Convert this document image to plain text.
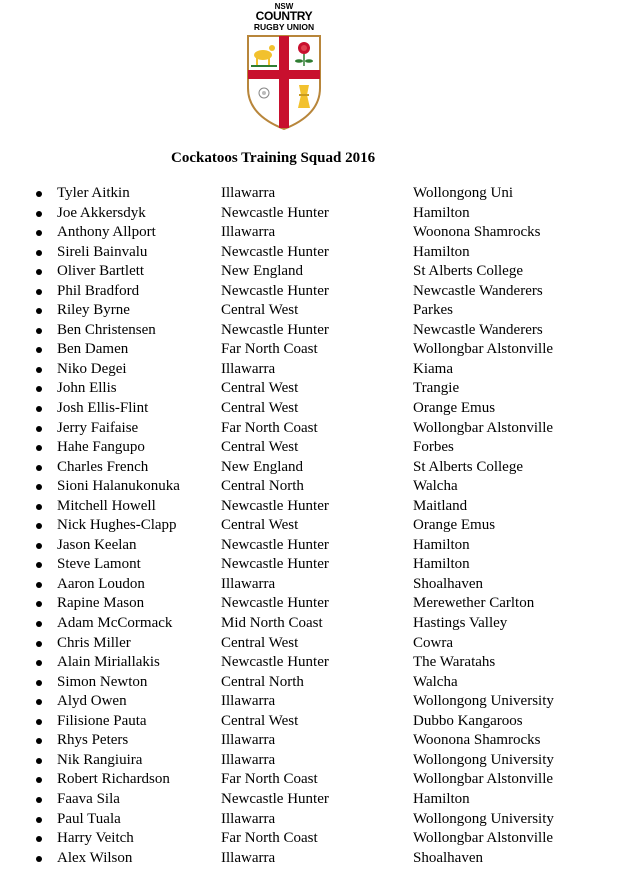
NSW
COUNTRY
RUGBY UNION
Cockatoos Training Squad 2016
Tyler Aitkin	Illawarra	Wollongong Uni
Joe Akkersdyk	Newcastle Hunter	Hamilton
Anthony Allport	Illawarra	Woonona Shamrocks
Sireli Bainvalu	Newcastle Hunter	Hamilton
Oliver Bartlett	New England	St Alberts College
Phil Bradford	Newcastle Hunter	Newcastle Wanderers
Riley Byrne	Central West	Parkes
Ben Christensen	Newcastle Hunter	Newcastle Wanderers
Ben Damen	Far North Coast	Wollongbar Alstonville
Niko Degei	Illawarra	Kiama
John Ellis	Central West	Trangie
Josh Ellis-Flint	Central West	Orange Emus
Jerry Faifaise	Far North Coast	Wollongbar Alstonville
Hahe Fangupo	Central West	Forbes
Charles French	New England	St Alberts College
Sioni Halanukonuka	Central North	Walcha
Mitchell Howell	Newcastle Hunter	Maitland
Nick Hughes-Clapp	Central West	Orange Emus
Jason Keelan	Newcastle Hunter	Hamilton
Steve Lamont	Newcastle Hunter	Hamilton
Aaron Loudon	Illawarra	Shoalhaven
Rapine Mason	Newcastle Hunter	Merewether Carlton
Adam McCormack	Mid North Coast	Hastings Valley
Chris Miller	Central West	Cowra
Alain Miriallakis	Newcastle Hunter	The Waratahs
Simon Newton	Central North	Walcha
Alyd Owen	Illawarra	Wollongong University
Filisione Pauta	Central West	Dubbo Kangaroos
Rhys Peters	Illawarra	Woonona Shamrocks
Nik Rangiuira	Illawarra	Wollongong University
Robert Richardson	Far North Coast	Wollongbar Alstonville
Faava Sila	Newcastle Hunter	Hamilton
Paul Tuala	Illawarra	Wollongong University
Harry Veitch	Far North Coast	Wollongbar Alstonville
Alex Wilson	Illawarra	Shoalhaven
